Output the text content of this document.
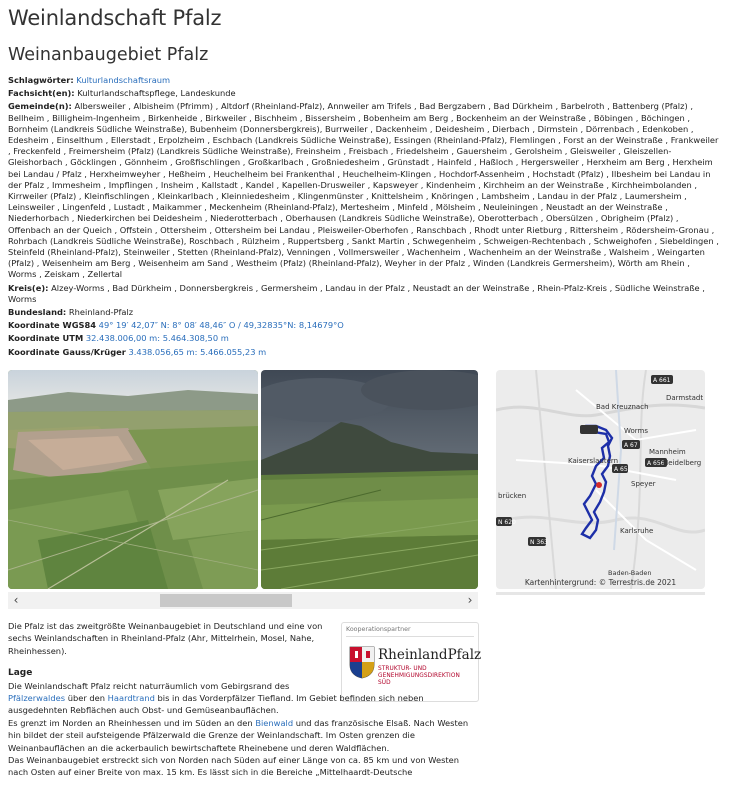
Weinlandschaft Pfalz
Weinanbaugebiet Pfalz

Schlagwörter: Kulturlandschaftsraum

Fachsicht(en): Kulturlandschaftspflege, Landeskunde

Gemeinde(n): Albersweiler , Albisheim (Pfrimm) , Altdorf (Rheinland-Pfalz), Annweiler am Trifels , Bad Bergzabern , Bad Dürkheim , Barbelroth , Battenberg (Pfalz) , Bellheim , Billigheim-Ingenheim , Birkenheide , Birkweiler , Bischheim , Bissersheim , Bobenheim am Berg , Bockenheim an der Weinstraße , Böbingen , Böchingen , Bornheim (Landkreis Südliche Weinstraße), Bubenheim (Donnersbergkreis), Burrweiler , Dackenheim , Deidesheim , Dierbach , Dirmstein , Dörrenbach , Edenkoben , Edesheim , Einselthum , Ellerstadt , Erpolzheim , Eschbach (Landkreis Südliche Weinstraße), Essingen (Rheinland-Pfalz), Flemlingen , Forst an der Weinstraße , Frankweiler , Freckenfeld , Freimersheim (Pfalz) (Landkreis Südliche Weinstraße), Freinsheim , Freisbach , Friedelsheim , Gauersheim , Gerolsheim , Gleisweiler , Gleiszellen-Gleishorbach , Göcklingen , Gönnheim , Großfischlingen , Großkarlbach , Großniedesheim , Grünstadt , Hainfeld , Haßloch , Hergersweiler , Herxheim am Berg , Herxheim bei Landau / Pfalz , Herxheimweyher , Heßheim , Heuchelheim bei Frankenthal , Heuchelheim-Klingen , Hochdorf-Assenheim , Hochstadt (Pfalz) , Ilbesheim bei Landau in der Pfalz , Immesheim , Impflingen , Insheim , Kallstadt , Kandel , Kapellen-Drusweiler , Kapsweyer , Kindenheim , Kirchheim an der Weinstraße , Kirchheimbolanden , Kirrweiler (Pfalz) , Kleinfischlingen , Kleinkarlbach , Kleinniedesheim , Klingenmünster , Knittelsheim , Knöringen , Lambsheim , Landau in der Pfalz , Laumersheim , Leinsweiler , Lingenfeld , Lustadt , Maikammer , Meckenheim (Rheinland-Pfalz), Mertesheim , Minfeld , Mölsheim , Neuleiningen , Neustadt an der Weinstraße , Niederhorbach , Niederkirchen bei Deidesheim , Niederotterbach , Oberhausen (Landkreis Südliche Weinstraße), Oberotterbach , Obersülzen , Obrigheim (Pfalz) , Offenbach an der Queich , Offstein , Ottersheim , Ottersheim bei Landau , Pleisweiler-Oberhofen , Ranschbach , Rhodt unter Rietburg , Rittersheim , Rödersheim-Gronau , Rohrbach (Landkreis Südliche Weinstraße), Roschbach , Rülzheim , Ruppertsberg , Sankt Martin , Schwegenheim , Schweigen-Rechtenbach , Schweighofen , Siebeldingen , Steinfeld (Rheinland-Pfalz), Steinweiler , Stetten (Rheinland-Pfalz), Venningen , Vollmersweiler , Wachenheim , Wachenheim an der Weinstraße , Walsheim , Weingarten (Pfalz) , Weisenheim am Berg , Weisenheim am Sand , Westheim (Pfalz) (Rheinland-Pfalz), Weyher in der Pfalz , Winden (Landkreis Germersheim), Wörth am Rhein , Worms , Zeiskam , Zellertal

Kreis(e): Alzey-Worms , Bad Dürkheim , Donnersbergkreis , Germersheim , Landau in der Pfalz , Neustadt an der Weinstraße , Rhein-Pfalz-Kreis , Südliche Weinstraße , Worms

Bundesland: Rheinland-Pfalz

Koordinate WGS84 49° 19′ 42,07″ N: 8° 08′ 48,46″ O / 49,32835°N: 8,14679°O

Koordinate UTM 32.438.006,00 m: 5.464.308,50 m

Koordinate Gauss/Krüger 3.438.056,65 m: 5.466.055,23 m

‹	›
A 661
Darmstadt
Bad Kreuznach
Worms
A 67
Kaiserslautern
A 65
A 656
Heidelberg
Mannheim
Speyer
brücken
N 620
N 363
Karlsruhe
Baden-Baden
Kartenhintergrund: © Terrestris.de 2021
Kooperationspartner
RheinlandPfalz
STRUKTUR- UND
GENEHMIGUNGSDIREKTION
SÜD

Die Pfalz ist das zweitgrößte Weinanbaugebiet in Deutschland und eine von sechs Weinlandschaften in Rheinland-Pfalz (Ahr, Mittelrhein, Mosel, Nahe, Rheinhessen).

Lage

Die Weinlandschaft Pfalz reicht naturräumlich vom Gebirgsrand des
Pfälzerwaldes über den Haardtrand bis in das Vorderpfälzer Tiefland. Im Gebiet befinden sich neben ausgedehnten Rebflächen auch Obst- und Gemüseanbauflächen.

Es grenzt im Norden an Rheinhessen und im Süden an den Bienwald und das französische Elsaß. Nach Westen hin bildet der steil aufsteigende Pfälzerwald die Grenze der Weinlandschaft. Im Osten grenzen die Weinanbauflächen an die ackerbaulich bewirtschaftete Rheinebene und deren Waldflächen.

Das Weinanbaugebiet erstreckt sich von Norden nach Süden auf einer Länge von ca. 85 km und von Westen nach Osten auf einer Breite von max. 15 km. Es lässt sich in die Bereiche „Mittelhaardt-Deutsche
